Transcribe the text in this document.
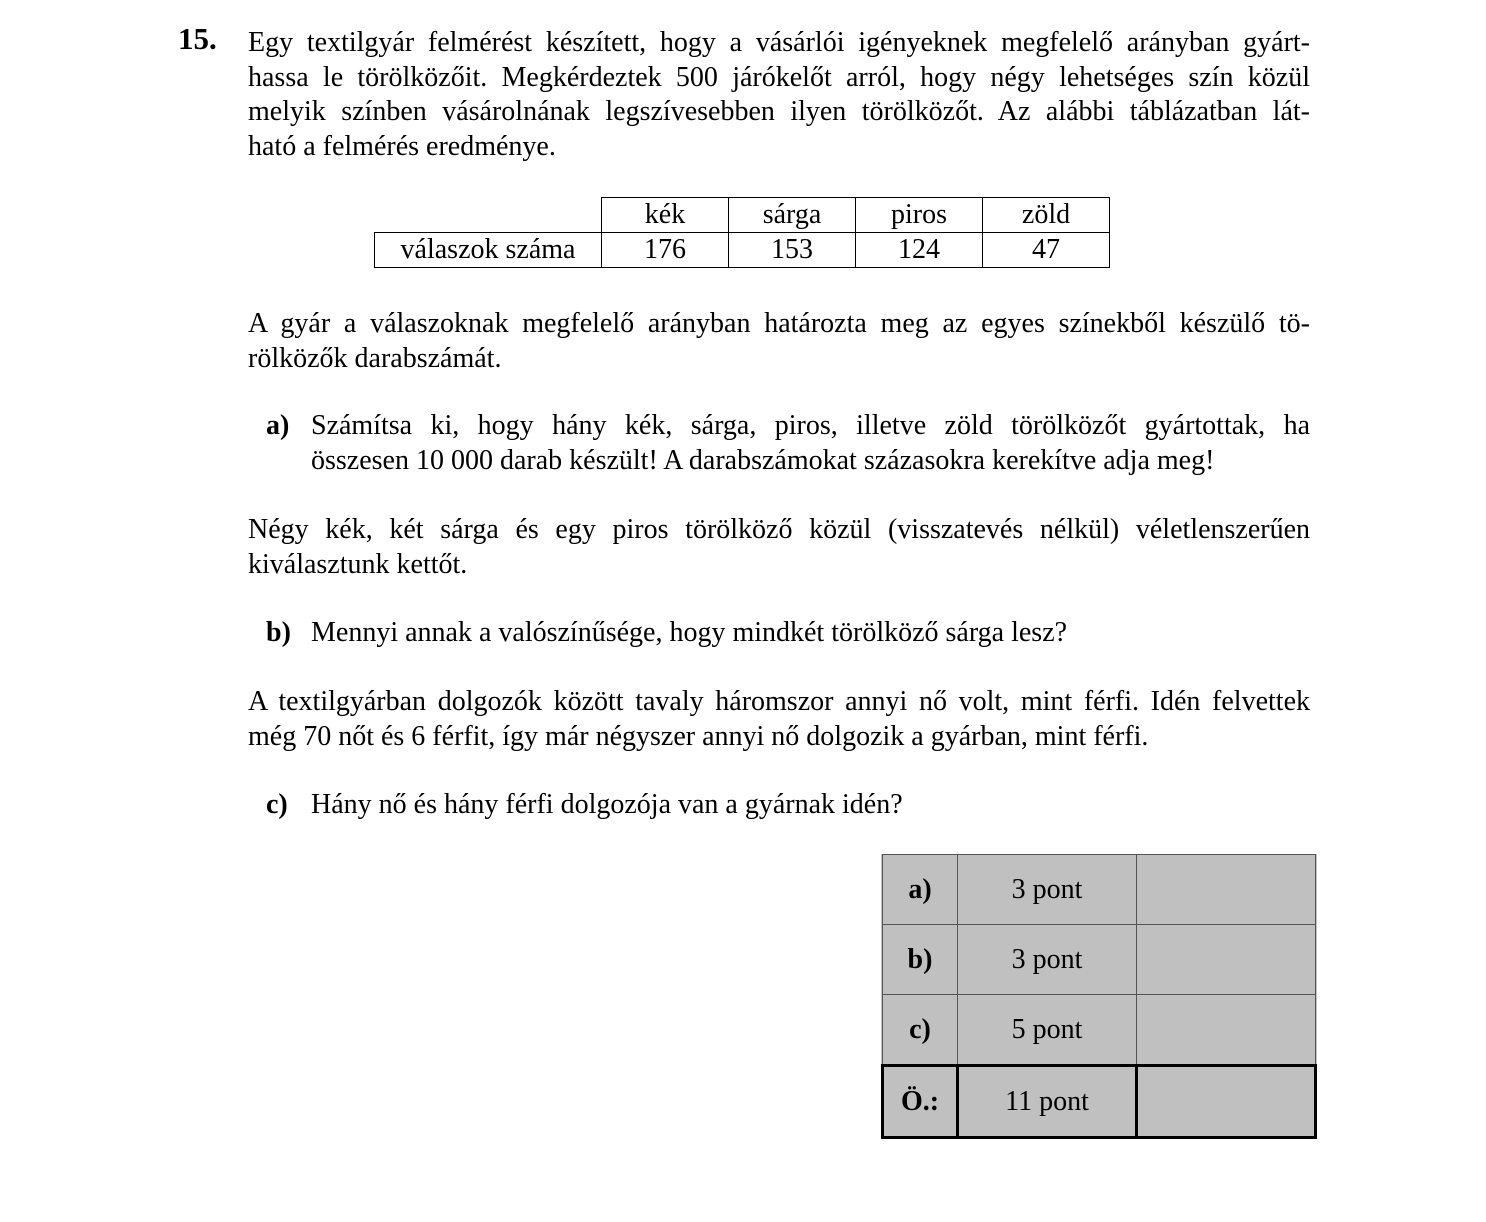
15. Egy textilgyár felmérést készített, hogy a vásárlói igényeknek megfelelő arányban gyárt-
hassa le törölközőit. Megkérdeztek 500 járókelőt arról, hogy négy lehetséges szín közül
melyik színben vásárolnának legszívesebben ilyen törölközőt. Az alábbi táblázatban lát-
ható a felmérés eredménye.
	kék	sárga	piros	zöld
válaszok száma	176	153	124	47
A gyár a válaszoknak megfelelő arányban határozta meg az egyes színekből készülő tö-
rölközők darabszámát.
a) Számítsa ki, hogy hány kék, sárga, piros, illetve zöld törölközőt gyártottak, ha
összesen 10 000 darab készült! A darabszámokat százasokra kerekítve adja meg!
Négy kék, két sárga és egy piros törölköző közül (visszatevés nélkül) véletlenszerűen
kiválasztunk kettőt.
b) Mennyi annak a valószínűsége, hogy mindkét törölköző sárga lesz?
A textilgyárban dolgozók között tavaly háromszor annyi nő volt, mint férfi. Idén felvettek
még 70 nőt és 6 férfit, így már négyszer annyi nő dolgozik a gyárban, mint férfi.
c) Hány nő és hány férfi dolgozója van a gyárnak idén?
a)	3 pont	
b)	3 pont	
c)	5 pont	
Ö.:	11 pont	
